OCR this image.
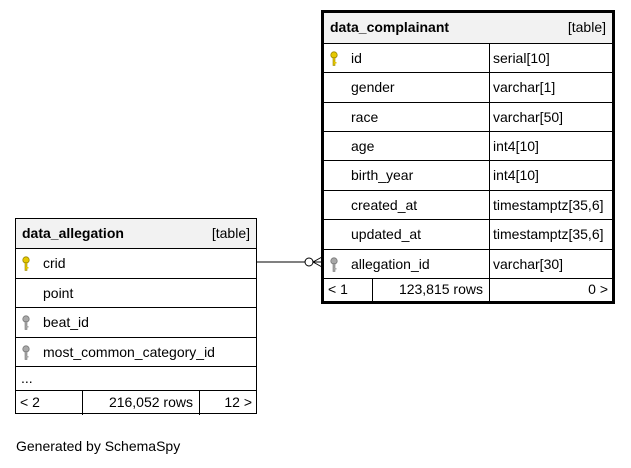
data_allegation	[table]
crid
point
beat_id
most_common_category_id
...
< 2	216,052 rows 12 >
data_complainant	[table]
id	serial[10]
gender	varchar[1]
race	varchar[50]
age	int4[10]
birth_year	int4[10]
created_at	timestamptz[35,6]
updated_at	timestamptz[35,6]
allegation_id	varchar[30]
< 1	123,815 rows	0 >
Generated by SchemaSpy
